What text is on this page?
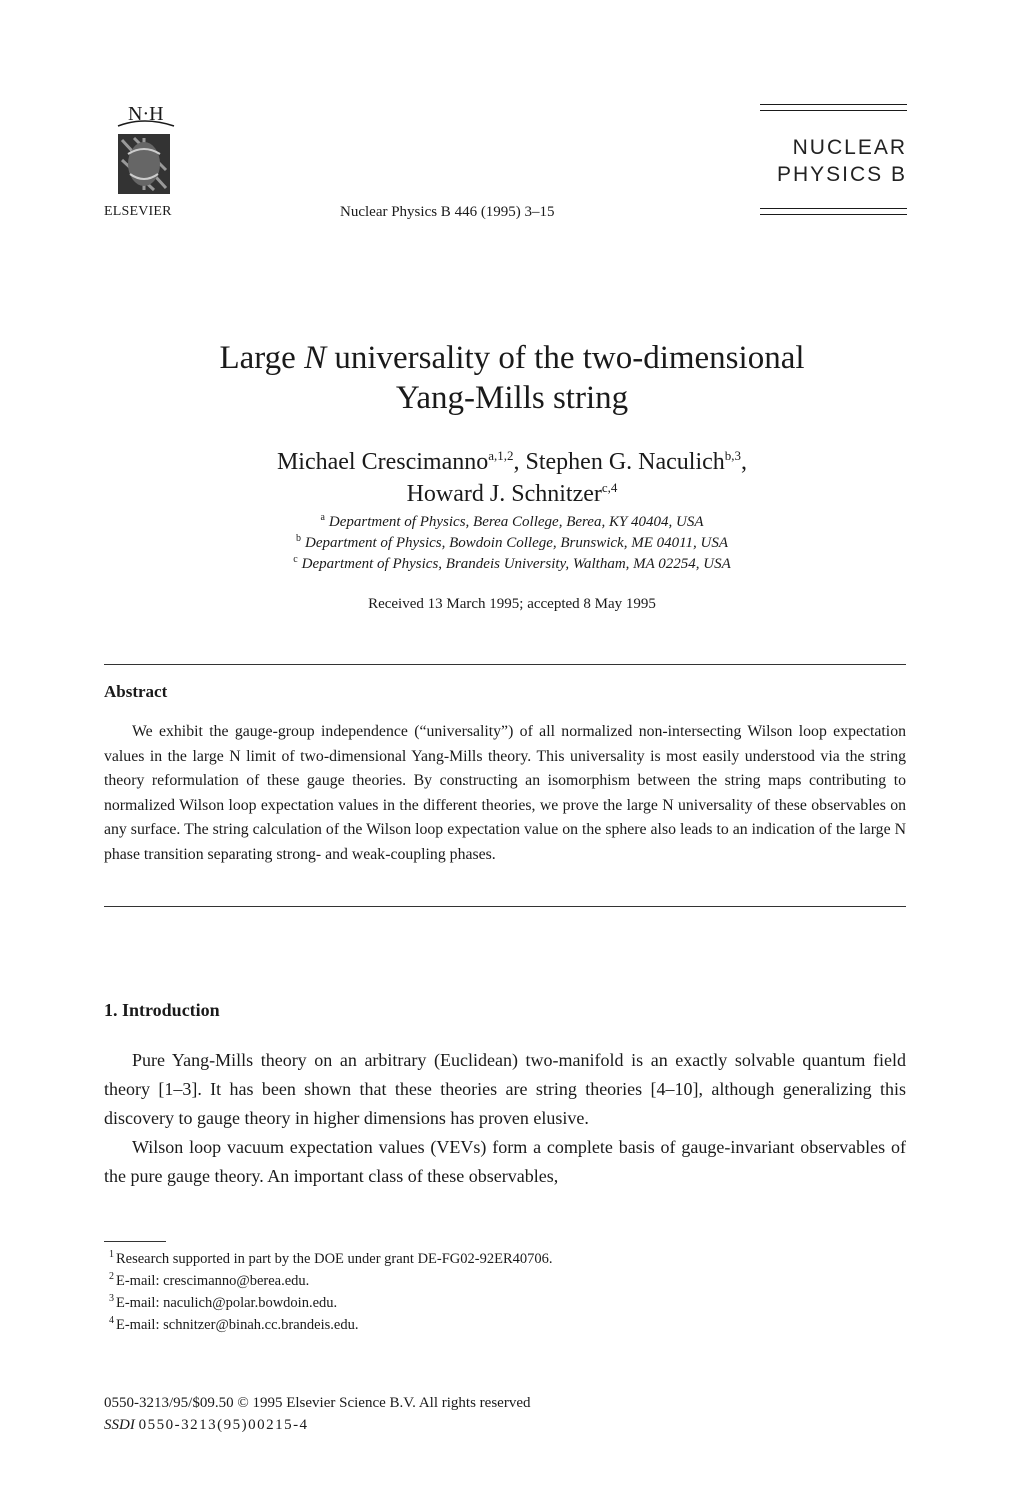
N·H
ELSEVIER	Nuclear Physics B 446 (1995) 3–15
NUCLEAR
PHYSICS B
Large N universality of the two-dimensional
Yang-Mills string
Michael Crescimanno$^{a,1,2}$, Stephen G. Naculich$^{b,3}$,
Howard J. Schnitzer$^{c,4}$
$^a$ Department of Physics, Berea College, Berea, KY 40404, USA
$^b$ Department of Physics, Bowdoin College, Brunswick, ME 04011, USA
$^c$ Department of Physics, Brandeis University, Waltham, MA 02254, USA
Received 13 March 1995; accepted 8 May 1995
Abstract

We exhibit the gauge-group independence (“universality”) of all normalized non-intersecting Wilson loop expectation values in the large N limit of two-dimensional Yang-Mills theory. This universality is most easily understood via the string theory reformulation of these gauge theories. By constructing an isomorphism between the string maps contributing to normalized Wilson loop expectation values in the different theories, we prove the large N universality of these observables on any surface. The string calculation of the Wilson loop expectation value on the sphere also leads to an indication of the large N phase transition separating strong- and weak-coupling phases.

1. Introduction

Pure Yang-Mills theory on an arbitrary (Euclidean) two-manifold is an exactly solvable quantum field theory [1–3]. It has been shown that these theories are string theories [4–10], although generalizing this discovery to gauge theory in higher dimensions has proven elusive.

Wilson loop vacuum expectation values (VEVs) form a complete basis of gauge-invariant observables of the pure gauge theory. An important class of these observables,

$^1$ Research supported in part by the DOE under grant DE-FG02-92ER40706.
$^2$ E-mail: crescimanno@berea.edu.
$^3$ E-mail: naculich@polar.bowdoin.edu.
$^4$ E-mail: schnitzer@binah.cc.brandeis.edu.
0550-3213/95/$09.50 © 1995 Elsevier Science B.V. All rights reserved
SSDI 0550-3213(95)00215-4
